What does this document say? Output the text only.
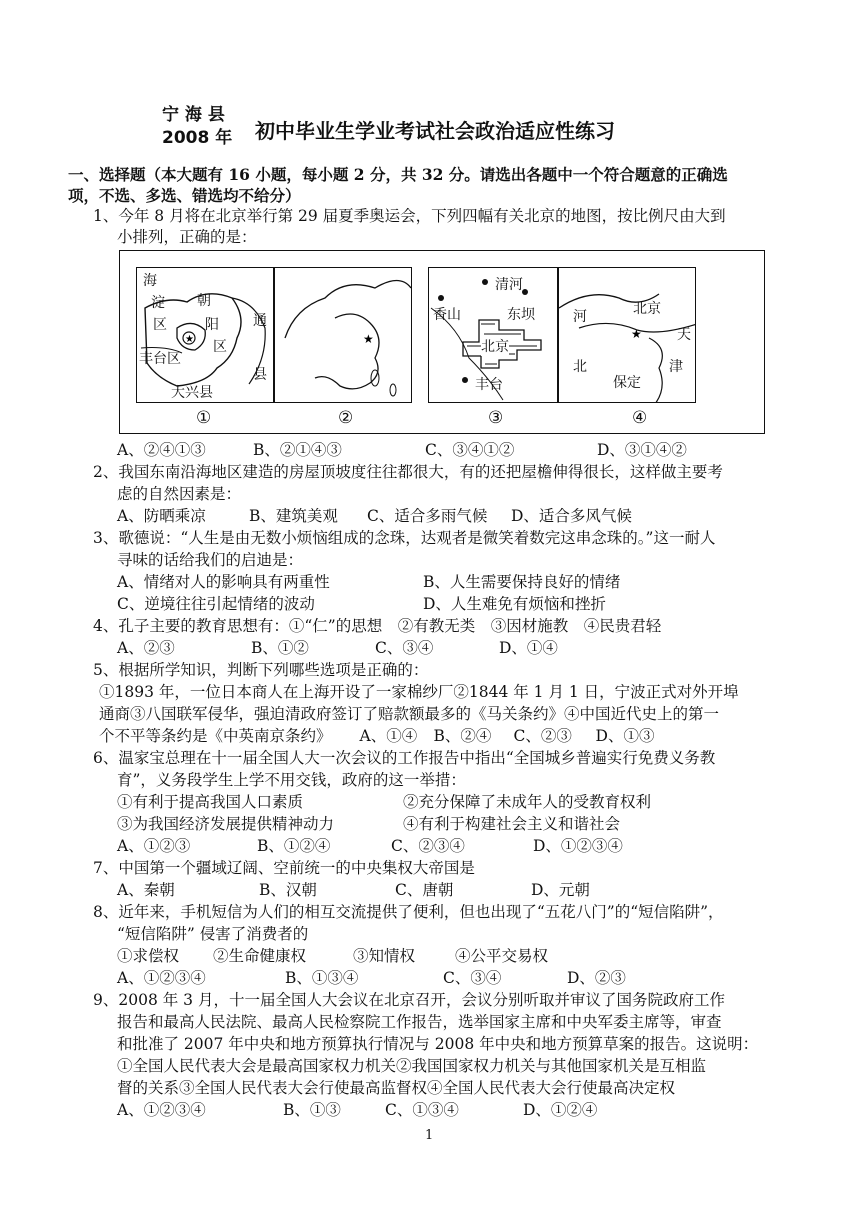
宁 海 县
2008 年 初中毕业生学业考试社会政治适应性练习
一、选择题（本大题有 16 小题，每小题 2 分，共 32 分。请选出各题中一个符合题意的正确选
项，不选、多选、错选均不给分）
1、今年 8 月将在北京举行第 29 届夏季奥运会，下列四幅有关北京的地图，按比例尺由大到
小排列，正确的是：
★
海
淀
区
朝
阳
区
通
丰台区
县
大兴县
★
清河
香山	东坝
北京
丰台
★
河	北京
天
北
保定
津
①	②	③	④
A、②④①③	B、②①④③	C、③④①②	D、③①④②
2、我国东南沿海地区建造的房屋顶坡度往往都很大，有的还把屋檐伸得很长，这样做主要考
虑的自然因素是：
A、防晒乘凉	B、建筑美观 C、适合多雨气候 D、适合多风气候
3、歌德说：“人生是由无数小烦恼组成的念珠，达观者是微笑着数完这串念珠的。”这一耐人
寻味的话给我们的启迪是：
A、情绪对人的影响具有两重性	B、人生需要保持良好的情绪
C、逆境往往引起情绪的波动	D、人生难免有烦恼和挫折
4、孔子主要的教育思想有：①“仁”的思想　②有教无类　③因材施教　④民贵君轻
A、②③	B、①②	C、③④	D、①④
5、根据所学知识，判断下列哪些选项是正确的：
①1893 年，一位日本商人在上海开设了一家棉纱厂②1844 年 1 月 1 日，宁波正式对外开埠
通商③八国联军侵华，强迫清政府签订了赔款额最多的《马关条约》④中国近代史上的第一
个不平等条约是《中英南京条约》 A、①④ B、②④ C、②③ D、①③
6、温家宝总理在十一届全国人大一次会议的工作报告中指出“全国城乡普遍实行免费义务教
育”，义务段学生上学不用交钱，政府的这一举措：
①有利于提高我国人口素质	②充分保障了未成年人的受教育权利
③为我国经济发展提供精神动力	④有利于构建社会主义和谐社会
A、①②③	B、①②④	C、②③④	D、①②③④
7、中国第一个疆域辽阔、空前统一的中央集权大帝国是
A、秦朝	B、汉朝	C、唐朝	D、元朝
8、近年来，手机短信为人们的相互交流提供了便利，但也出现了“五花八门”的“短信陷阱”，
“短信陷阱” 侵害了消费者的
①求偿权 ②生命健康权	③知情权	④公平交易权
A、①②③④	B、①③④	C、③④	D、②③
9、2008 年 3 月，十一届全国人大会议在北京召开，会议分别听取并审议了国务院政府工作
报告和最高人民法院、最高人民检察院工作报告，选举国家主席和中央军委主席等，审查
和批准了 2007 年中央和地方预算执行情况与 2008 年中央和地方预算草案的报告。这说明：
①全国人民代表大会是最高国家权力机关②我国国家权力机关与其他国家机关是互相监
督的关系③全国人民代表大会行使最高监督权④全国人民代表大会行使最高决定权
A、①②③④	B、①③	C、①③④	D、①②④
1
